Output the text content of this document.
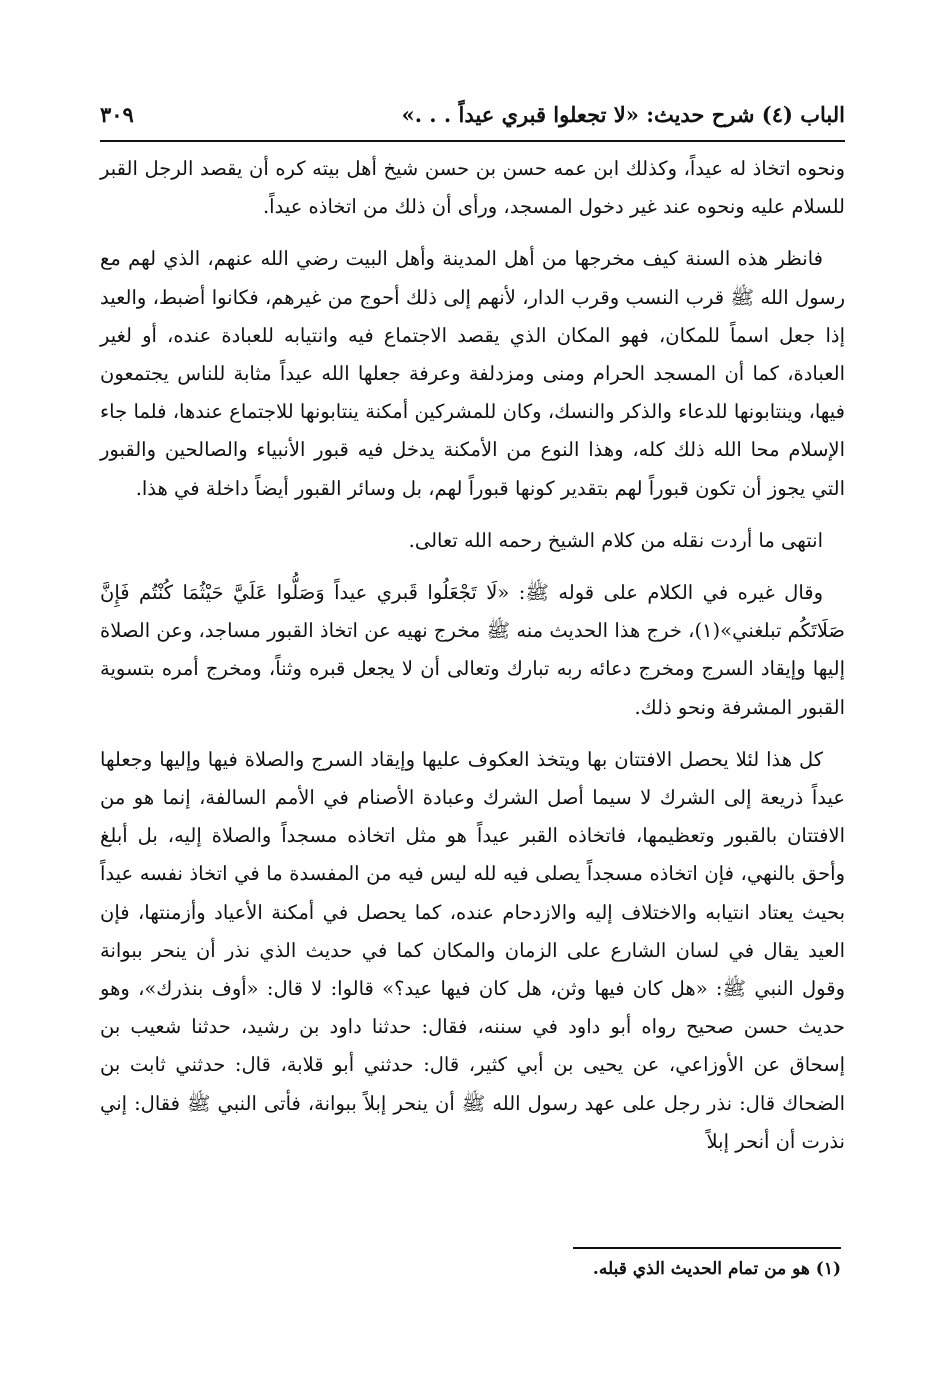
الباب (٤) شرح حديث: «لا تجعلوا قبري عيداً . . .»
٣٠٩

ونحوه اتخاذ له عيداً، وكذلك ابن عمه حسن بن حسن شيخ أهل بيته كره أن يقصد الرجل القبر للسلام عليه ونحوه عند غير دخول المسجد، ورأى أن ذلك من اتخاذه عيداً.

فانظر هذه السنة كيف مخرجها من أهل المدينة وأهل البيت رضي الله عنهم، الذي لهم مع رسول الله ﷺ قرب النسب وقرب الدار، لأنهم إلى ذلك أحوج من غيرهم، فكانوا أضبط، والعيد إذا جعل اسماً للمكان، فهو المكان الذي يقصد الاجتماع فيه وانتيابه للعبادة عنده، أو لغير العبادة، كما أن المسجد الحرام ومنى ومزدلفة وعرفة جعلها الله عيداً مثابة للناس يجتمعون فيها، وينتابونها للدعاء والذكر والنسك، وكان للمشركين أمكنة ينتابونها للاجتماع عندها، فلما جاء الإسلام محا الله ذلك كله، وهذا النوع من الأمكنة يدخل فيه قبور الأنبياء والصالحين والقبور التي يجوز أن تكون قبوراً لهم بتقدير كونها قبوراً لهم، بل وسائر القبور أيضاً داخلة في هذا.

انتهى ما أردت نقله من كلام الشيخ رحمه الله تعالى.

وقال غيره في الكلام على قوله ﷺ: «لَا تَجْعَلُوا قَبري عيداً وَصَلُّوا عَلَيَّ حَيْثُمَا كُنْتُم فَإِنَّ صَلَاتَكُم تبلغني»(١)، خرج هذا الحديث منه ﷺ مخرج نهيه عن اتخاذ القبور مساجد، وعن الصلاة إليها وإيقاد السرج ومخرج دعائه ربه تبارك وتعالى أن لا يجعل قبره وثناً، ومخرج أمره بتسوية القبور المشرفة ونحو ذلك.

كل هذا لئلا يحصل الافتتان بها ويتخذ العكوف عليها وإيقاد السرج والصلاة فيها وإليها وجعلها عيداً ذريعة إلى الشرك لا سيما أصل الشرك وعبادة الأصنام في الأمم السالفة، إنما هو من الافتتان بالقبور وتعظيمها، فاتخاذه القبر عيداً هو مثل اتخاذه مسجداً والصلاة إليه، بل أبلغ وأحق بالنهي، فإن اتخاذه مسجداً يصلى فيه لله ليس فيه من المفسدة ما في اتخاذ نفسه عيداً بحيث يعتاد انتيابه والاختلاف إليه والازدحام عنده، كما يحصل في أمكنة الأعياد وأزمنتها، فإن العيد يقال في لسان الشارع على الزمان والمكان كما في حديث الذي نذر أن ينحر ببوانة وقول النبي ﷺ: «هل كان فيها وثن، هل كان فيها عيد؟» قالوا: لا قال: «أوف بنذرك»، وهو حديث حسن صحيح رواه أبو داود في سننه، فقال: حدثنا داود بن رشيد، حدثنا شعيب بن إسحاق عن الأوزاعي، عن يحيى بن أبي كثير، قال: حدثني أبو قلابة، قال: حدثني ثابت بن الضحاك قال: نذر رجل على عهد رسول الله ﷺ أن ينحر إبلاً ببوانة، فأتى النبي ﷺ فقال: إني نذرت أن أنحر إبلاً

(١) هو من تمام الحديث الذي قبله.
